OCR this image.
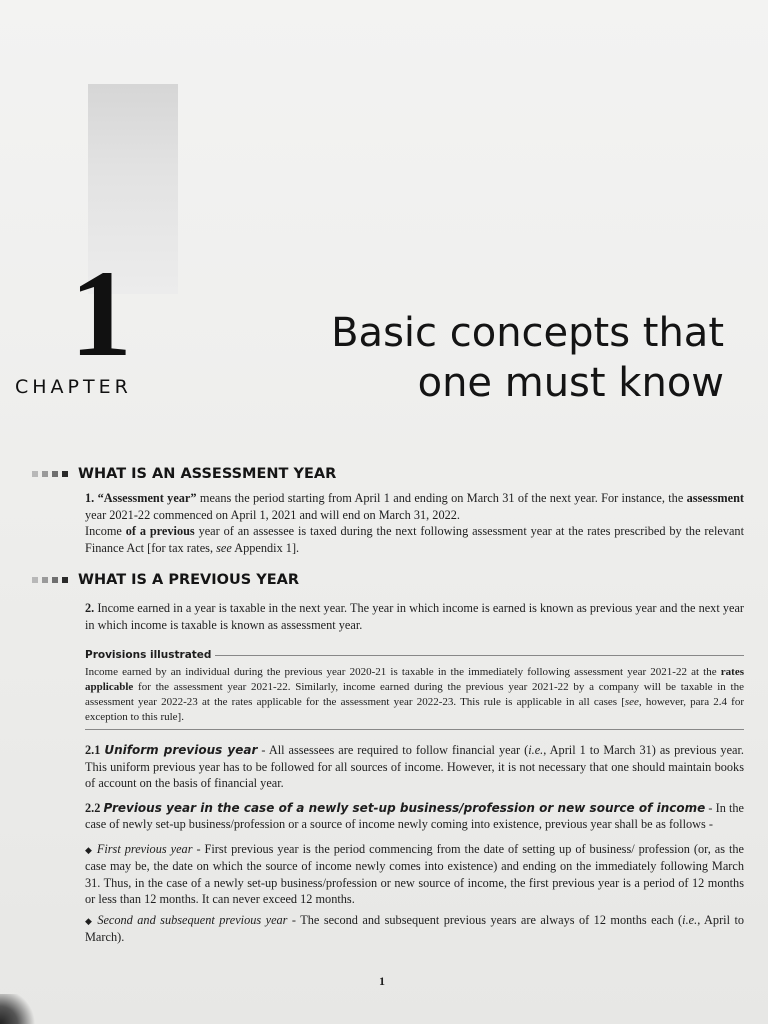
1
CHAPTER
Basic concepts that
one must know
WHAT IS AN ASSESSMENT YEAR

1. “Assessment year” means the period starting from April 1 and ending on March 31 of the next year. For instance, the assessment year 2021-22 commenced on April 1, 2021 and will end on March 31, 2022.

Income of a previous year of an assessee is taxed during the next following assessment year at the rates prescribed by the relevant Finance Act [for tax rates, see Appendix 1].

WHAT IS A PREVIOUS YEAR

2. Income earned in a year is taxable in the next year. The year in which income is earned is known as previous year and the next year in which income is taxable is known as assessment year.

Provisions illustrated

Income earned by an individual during the previous year 2020-21 is taxable in the immediately following assessment year 2021-22 at the rates applicable for the assessment year 2021-22. Similarly, income earned during the previous year 2021-22 by a company will be taxable in the assessment year 2022-23 at the rates applicable for the assessment year 2022-23. This rule is applicable in all cases [see, however, para 2.4 for exception to this rule].

2.1 Uniform previous year - All assessees are required to follow financial year (i.e., April 1 to March 31) as previous year. This uniform previous year has to be followed for all sources of income. However, it is not necessary that one should maintain books of account on the basis of financial year.

2.2 Previous year in the case of a newly set-up business/profession or new source of income - In the case of newly set-up business/profession or a source of income newly coming into existence, previous year shall be as follows -

◆ First previous year - First previous year is the period commencing from the date of setting up of business/ profession (or, as the case may be, the date on which the source of income newly comes into existence) and ending on the immediately following March 31. Thus, in the case of a newly set-up business/profession or new source of income, the first previous year is a period of 12 months or less than 12 months. It can never exceed 12 months.

◆ Second and subsequent previous year - The second and subsequent previous years are always of 12 months each (i.e., April to March).

1
